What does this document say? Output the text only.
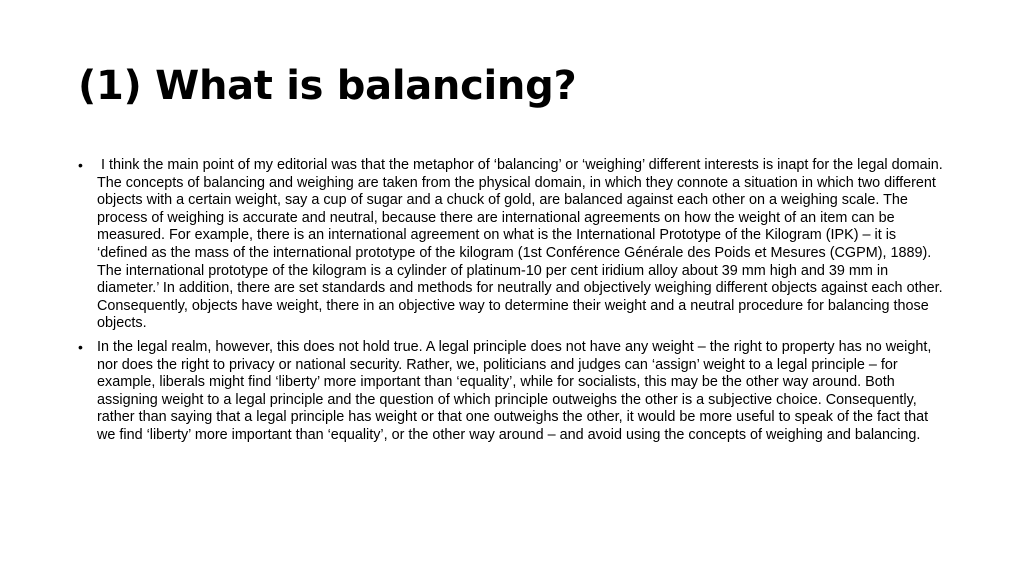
(1) What is balancing?
• I think the main point of my editorial was that the metaphor of ‘balancing’ or ‘weighing’ different interests is inapt for the legal domain. The concepts of balancing and weighing are taken from the physical domain, in which they connote a situation in which two different objects with a certain weight, say a cup of sugar and a chuck of gold, are balanced against each other on a weighing scale. The process of weighing is accurate and neutral, because there are international agreements on how the weight of an item can be measured. For example, there is an international agreement on what is the International Prototype of the Kilogram (IPK) – it is ‘defined as the mass of the international prototype of the kilogram (1st Conférence Générale des Poids et Mesures (CGPM), 1889). The international prototype of the kilogram is a cylinder of platinum-10 per cent iridium alloy about 39 mm high and 39 mm in diameter.’ In addition, there are set standards and methods for neutrally and objectively weighing different objects against each other. Consequently, objects have weight, there in an objective way to determine their weight and a neutral procedure for balancing those objects.
• In the legal realm, however, this does not hold true. A legal principle does not have any weight – the right to property has no weight, nor does the right to privacy or national security. Rather, we, politicians and judges can ‘assign’ weight to a legal principle – for example, liberals might find ‘liberty’ more important than ‘equality’, while for socialists, this may be the other way around. Both assigning weight to a legal principle and the question of which principle outweighs the other is a subjective choice. Consequently, rather than saying that a legal principle has weight or that one outweighs the other, it would be more useful to speak of the fact that we find ‘liberty’ more important than ‘equality’, or the other way around – and avoid using the concepts of weighing and balancing.
